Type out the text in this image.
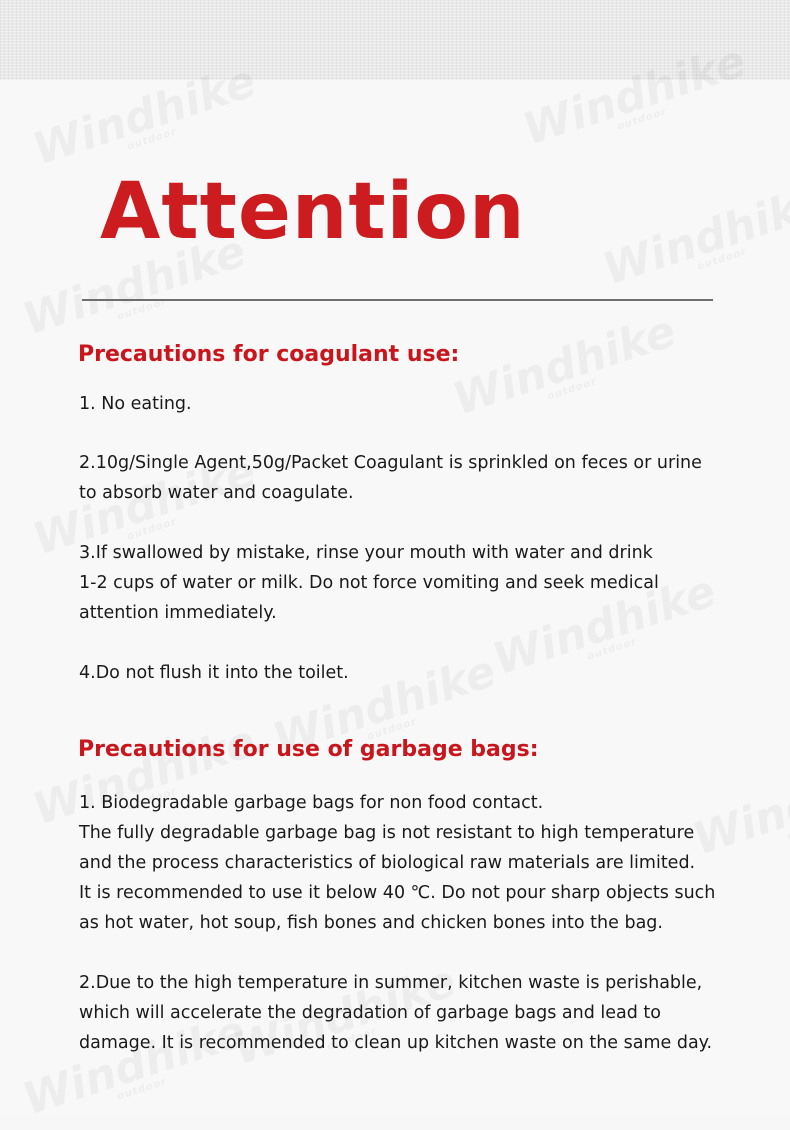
Attention
Precautions for coagulant use:

1. No eating.

2.10g/Single Agent,50g/Packet Coagulant is sprinkled on feces or urine
to absorb water and coagulate.

3.If swallowed by mistake, rinse your mouth with water and drink
1-2 cups of water or milk. Do not force vomiting and seek medical
attention immediately.

4.Do not flush it into the toilet.

Precautions for use of garbage bags:

1. Biodegradable garbage bags for non food contact.
The fully degradable garbage bag is not resistant to high temperature
and the process characteristics of biological raw materials are limited.
It is recommended to use it below 40 ℃. Do not pour sharp objects such
as hot water, hot soup, fish bones and chicken bones into the bag.

2.Due to the high temperature in summer, kitchen waste is perishable,
which will accelerate the degradation of garbage bags and lead to
damage. It is recommended to clean up kitchen waste on the same day.
